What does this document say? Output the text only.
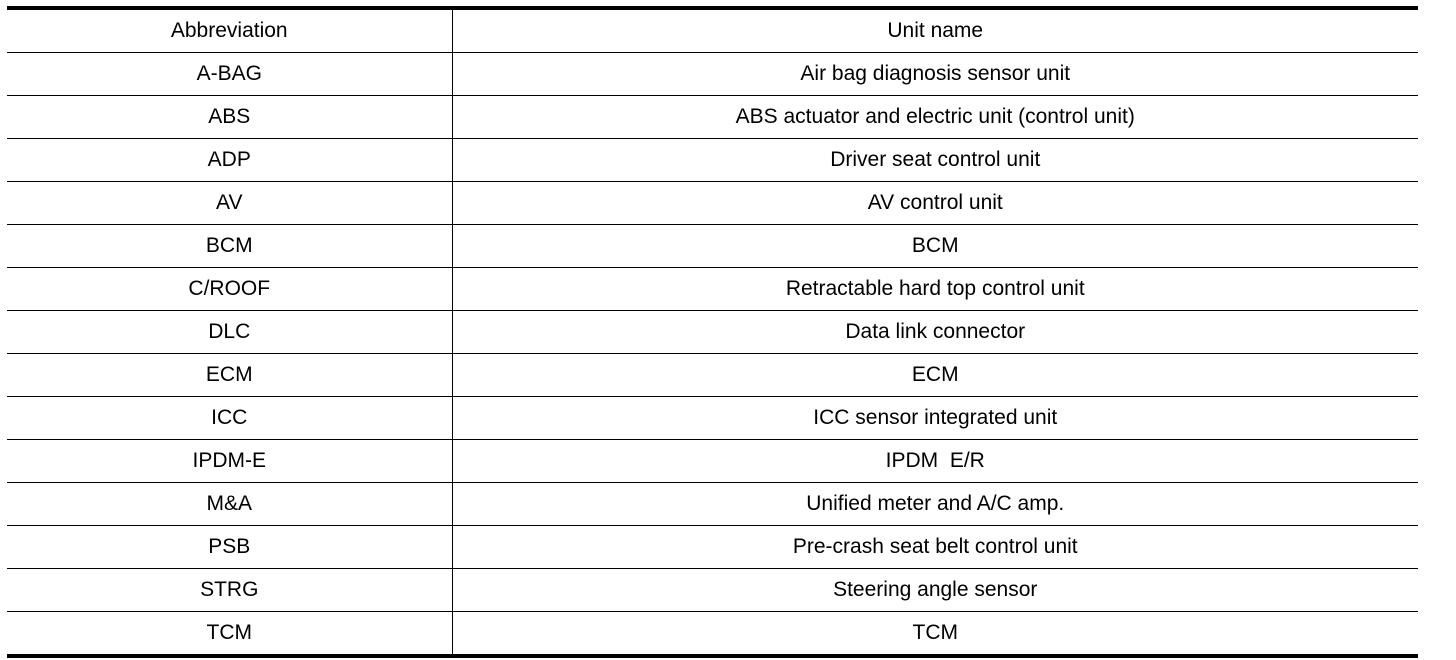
Abbreviation	Unit name
A-BAG	Air bag diagnosis sensor unit
ABS	ABS actuator and electric unit (control unit)
ADP	Driver seat control unit
AV	AV control unit
BCM	BCM
C/ROOF	Retractable hard top control unit
DLC	Data link connector
ECM	ECM
ICC	ICC sensor integrated unit
IPDM-E	IPDM  E/R
M&A	Unified meter and A/C amp.
PSB	Pre-crash seat belt control unit
STRG	Steering angle sensor
TCM	TCM
